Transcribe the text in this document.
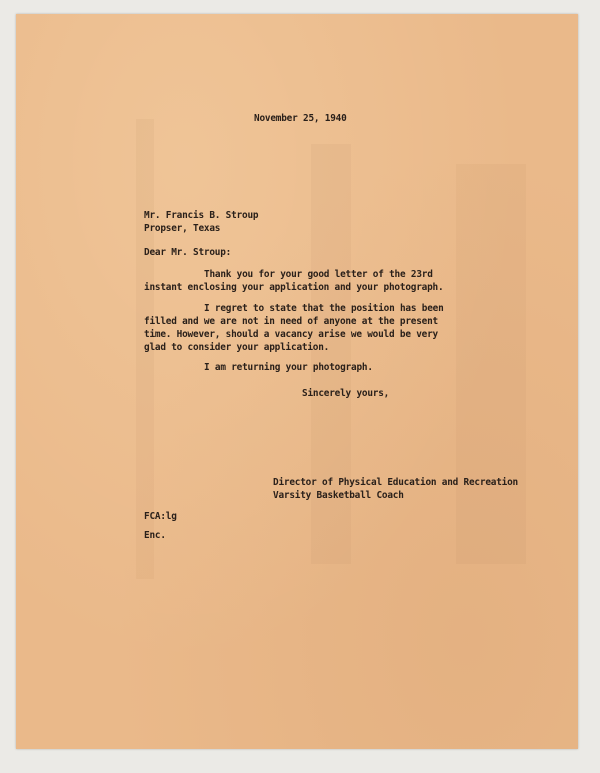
November 25, 1940
Mr. Francis B. Stroup
Propser, Texas
Dear Mr. Stroup:
Thank you for your good letter of the 23rd
instant enclosing your application and your photograph.
I regret to state that the position has been
filled and we are not in need of anyone at the present
time. However, should a vacancy arise we would be very
glad to consider your application.
I am returning your photograph.
Sincerely yours,
Director of Physical Education and Recreation
Varsity Basketball Coach
FCA:lg
Enc.
